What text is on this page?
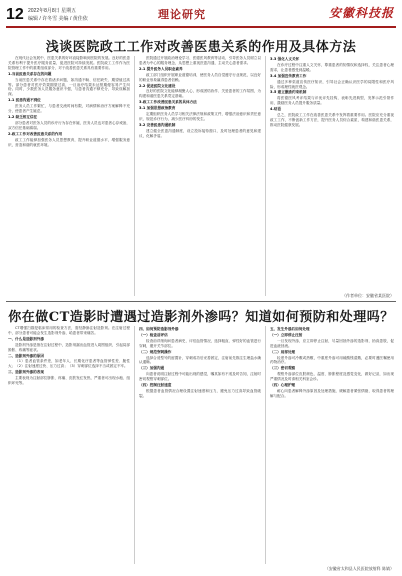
12 2022年8月8日 星期五
编辑 / 许冬雪 美编 / 黄佳依	理论研究	安徽科技报
浅谈医院政工工作对改善医患关系的作用及具体方法

在现代社会发展中，医患关系的好坏直接影响到医院的发展。良好的医患关系有利于提升医疗服务质量，促进医院可持续发展。医院政工工作作为医院管理工作中的重要组成部分，对于改善医患关系具有重要作用。

1.当前医患关系存在的问题

当前医患关系中存在着诸多问题，如沟通不畅、信任缺失、期望值过高等。部分患者对医疗效果期望过高，一旦治疗结果未达预期便容易产生纠纷。同时，少数医务人员服务意识不强，与患者沟通不够充分，导致误解加深。

1.1 医患沟通不到位

医务人员工作繁忙，与患者交流时间有限，对病情和治疗方案解释不充分，使患者产生疑虑。

1.2 缺乏相互信任

部分患者对医务人员的诊疗行为存在怀疑，医务人员也对患者心存戒备，双方信任基础薄弱。

2.政工工作对改善医患关系的作用

政工工作能够加强医务人员思想教育，提升职业道德水平，增强服务意识，营造和谐的就医环境。

医院通过开展政治理论学习、医德医风教育等活动，引导医务人员树立以患者为中心的服务理念，从思想上重视医患沟通，主动关心患者需求。

2.1 提升医务人员职业素养

政工部门组织开展职业道德培训，使医务人员自觉遵守行业规范，以良好的职业形象赢得患者信赖。

2.2 促进医院文化建设

良好的医院文化能够凝聚人心，形成团结协作、关爱患者的工作氛围，为构建和谐医患关系奠定基础。

3.政工工作改善医患关系的具体方法

3.1 加强思想政治教育

定期组织医务人员学习相关法律法规和政策文件，增强法治意识和责任意识，规范诊疗行为，减少医疗纠纷的发生。

3.2 完善医患沟通机制

建立健全医患沟通制度，设立投诉接待窗口，及时处理患者的意见和建议，化解矛盾。

3.3 强化人文关怀

在诊疗过程中注重人文关怀，尊重患者的知情权和选择权，关注患者心理需求，让患者感受到温暖。

3.4 加强宣传教育工作

通过多种渠道宣传医疗知识，引导社会正确认识医学的局限性和医疗风险，形成理性就医观念。

3.5 建立激励约束机制

将医德医风考评结果与评优评先挂钩，表彰先进典型，发挥示范引领作用，激励医务人员提升服务质量。

4.结语

总之，医院政工工作在改善医患关系中发挥着重要作用。医院应充分重视政工工作，不断创新工作方法，提升医务人员综合素质，构建和谐医患关系，推动医院健康发展。

（作者单位：安徽省某医院）
你在做CT造影时遭遇过造影剂外渗吗？知道如何预防和处理吗？

CT增强扫描是临床常用的检查方法，需经静脉注射造影剂。在注射过程中，部分患者可能会发生造影剂外渗，给患者带来痛苦。

一、什么是造影剂外渗

造影剂外渗是指在注射过程中，造影剂漏出血管进入周围组织，引起局部肿胀、疼痛等症状。

二、造影剂外渗的原因

（1）患者血管条件差，如老年人、长期化疗患者等血管弹性差、脆性大；（2）注射速度过快、压力过高；（3）穿刺部位选择不当或固定不牢。

三、造影剂外渗的表现

主要表现为注射部位肿胀、疼痛、皮肤发红发热，严重者可出现水疱、组织坏死等。

四、如何预防造影剂外渗

（一）检查前评估

检查前详细询问患者病史，评估血管情况，选择粗直、弹性好的血管进行穿刺，避开关节部位。

（二）规范穿刺操作

选择合适型号的留置针，穿刺成功后妥善固定，注射前先推注生理盐水确认通畅。

（三）加强沟通

向患者说明注射过程中可能出现的感觉，嘱其如有不适及时告知，注射时密切观察穿刺部位。

（四）控制注射速度

根据患者血管情况合理设置注射速度和压力，避免压力过高导致血管破裂。

五、发生外渗后如何处理

（一）立即停止注射

一旦发现外渗，应立即停止注射，尽量回抽外渗的造影剂，抬高患肢，促进血液回流。

（二）局部处理

轻度外渗可冷敷或热敷，中重度外渗可用硫酸镁湿敷，必要时遵医嘱使用药物治疗。

（三）密切观察

观察外渗部位皮肤颜色、温度、肿胀程度及感觉变化，做好记录，如出现严重情况及时请相关科室会诊。

（四）心理护理

耐心向患者解释外渗原因及处理措施，缓解患者紧张情绪，取得患者的理解与配合。

（安徽省太和县人民医院放射科 陈婧）
